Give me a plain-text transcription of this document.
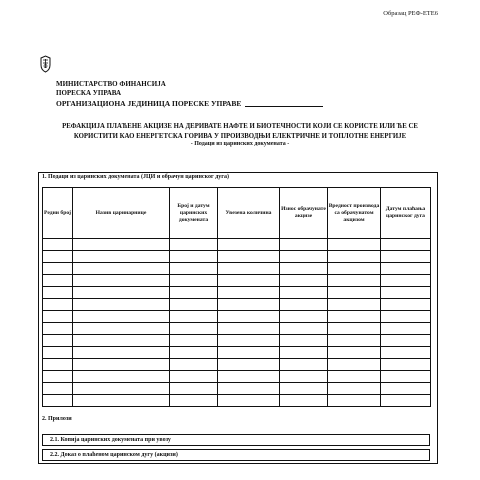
Образац РЕФ-ЕТЕ6
МИНИСТАРСТВО ФИНАНСИЈА
ПОРЕСКА УПРАВА
ОРГАНИЗАЦИОНА ЈЕДИНИЦА ПОРЕСКЕ УПРАВЕ
РЕФАКЦИЈА ПЛАЋЕНЕ АКЦИЗЕ НА ДЕРИВАТЕ НАФТЕ И БИОТЕЧНОСТИ КОЈИ СЕ КОРИСТЕ ИЛИ ЋЕ СЕ
КОРИСТИТИ КАО ЕНЕРГЕТСКА ГОРИВА У ПРОИЗВОДЊИ ЕЛЕКТРИЧНЕ И ТОПЛОТНЕ ЕНЕРГИЈЕ
- Подаци из царинских докумената -
1. Подаци из царинских докумената (ЈЦИ и обрачун царинског дуга)
Редни број	Назив царинарнице	Број и датум царинских докумената	Увезена количина	Износ обрачунате акцизе	Вредност производа са обрачунатом акцизом	Датум плаћања царинског дуга

2. Прилози
2.1. Копија царинских докумената при увозу
2.2. Доказ о плаћеном царинском дугу (акцизи)
